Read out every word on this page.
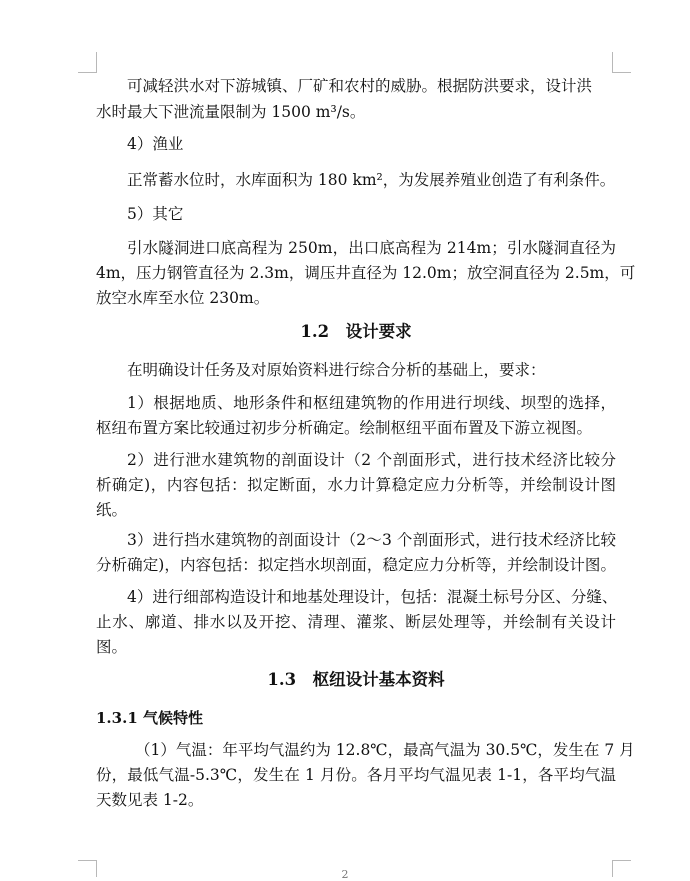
可减轻洪水对下游城镇、厂矿和农村的威胁。根据防洪要求，设计洪
水时最大下泄流量限制为 1500 m³/s。
4）渔业
正常蓄水位时，水库面积为 180 km²，为发展养殖业创造了有利条件。
5）其它
引水隧洞进口底高程为 250m，出口底高程为 214m；引水隧洞直径为
4m，压力钢管直径为 2.3m，调压井直径为 12.0m；放空洞直径为 2.5m，可
放空水库至水位 230m。
1.2　设计要求
在明确设计任务及对原始资料进行综合分析的基础上，要求：
1）根据地质、地形条件和枢纽建筑物的作用进行坝线、坝型的选择，
枢纽布置方案比较通过初步分析确定。绘制枢纽平面布置及下游立视图。
2）进行泄水建筑物的剖面设计（2 个剖面形式，进行技术经济比较分
析确定)，内容包括：拟定断面，水力计算稳定应力分析等，并绘制设计图
纸。
3）进行挡水建筑物的剖面设计（2～3 个剖面形式，进行技术经济比较
分析确定)，内容包括：拟定挡水坝剖面，稳定应力分析等，并绘制设计图。
4）进行细部构造设计和地基处理设计，包括：混凝土标号分区、分缝、
止水、廓道、排水以及开挖、清理、灌浆、断层处理等，并绘制有关设计
图。
1.3　枢纽设计基本资料
1.3.1 气候特性
（1）气温：年平均气温约为 12.8℃，最高气温为 30.5℃，发生在 7 月
份，最低气温-5.3℃，发生在 1 月份。各月平均气温见表 1-1，各平均气温
天数见表 1-2。
2
